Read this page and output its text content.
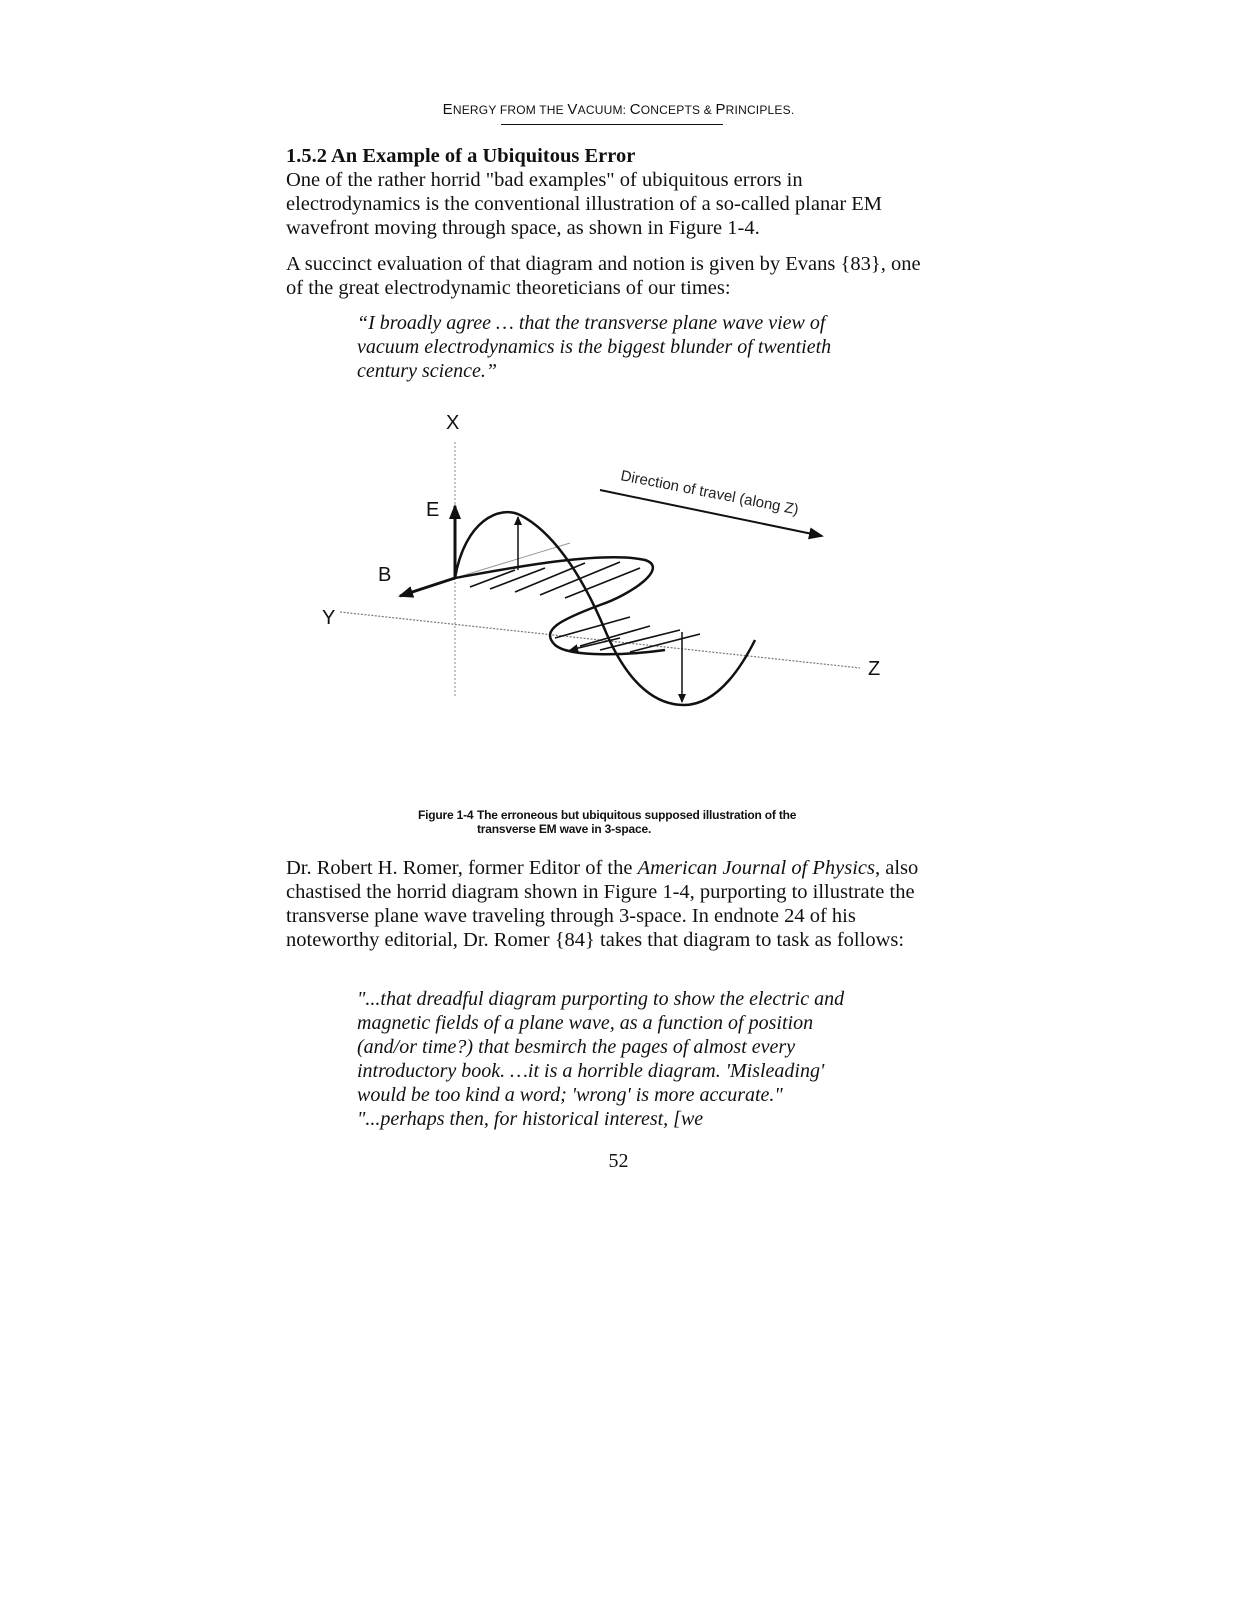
ENERGY FROM THE VACUUM: CONCEPTS & PRINCIPLES.
1.5.2 An Example of a Ubiquitous Error
One of the rather horrid "bad examples" of ubiquitous errors in electrodynamics is the conventional illustration of a so-called planar EM wavefront moving through space, as shown in Figure 1-4.
A succinct evaluation of that diagram and notion is given by Evans {83}, one of the great electrodynamic theoreticians of our times:
“I broadly agree … that the transverse plane wave view of vacuum electrodynamics is the biggest blunder of twentieth century science.”
X
E
B
Y
Z
Direction of travel (along Z)
Figure 1-4 The erroneous but ubiquitous supposed illustration of the
transverse EM wave in 3-space.
Dr. Robert H. Romer, former Editor of the American Journal of Physics, also chastised the horrid diagram shown in Figure 1-4, purporting to illustrate the transverse plane wave traveling through 3-space. In endnote 24 of his noteworthy editorial, Dr. Romer {84} takes that diagram to task as follows:
"...that dreadful diagram purporting to show the electric and magnetic fields of a plane wave, as a function of position (and/or time?) that besmirch the pages of almost every introductory book. …it is a horrible diagram. 'Misleading' would be too kind a word; 'wrong' is more accurate." "...perhaps then, for historical interest, [we
52
